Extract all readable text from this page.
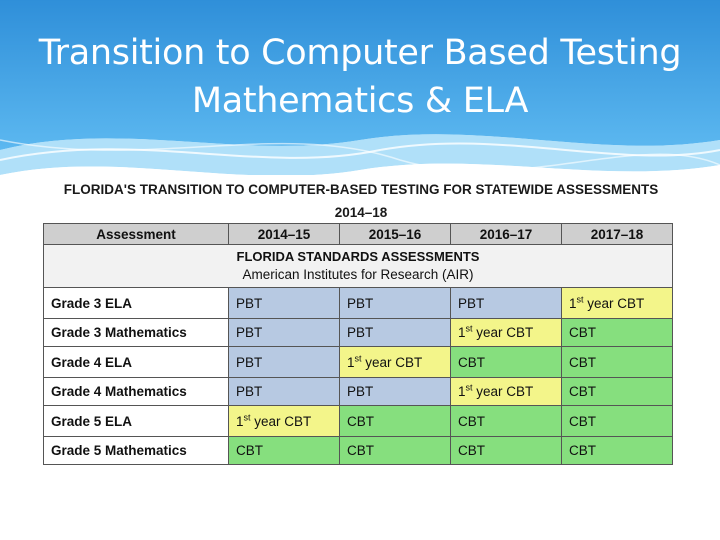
Transition to Computer Based Testing
Mathematics & ELA
FLORIDA'S TRANSITION TO COMPUTER-BASED TESTING FOR STATEWIDE ASSESSMENTS
2014–18
Assessment	2014–15	2015–16	2016–17	2017–18

FLORIDA STANDARDS ASSESSMENTS
American Institutes for Research (AIR)				

Grade 3 ELA	PBT	PBT	PBT	1st year CBT
Grade 3 Mathematics	PBT	PBT	1st year CBT	CBT
Grade 4 ELA	PBT	1st year CBT	CBT	CBT
Grade 4 Mathematics	PBT	PBT	1st year CBT	CBT
Grade 5 ELA	1st year CBT	CBT	CBT	CBT
Grade 5 Mathematics	CBT	CBT	CBT	CBT
